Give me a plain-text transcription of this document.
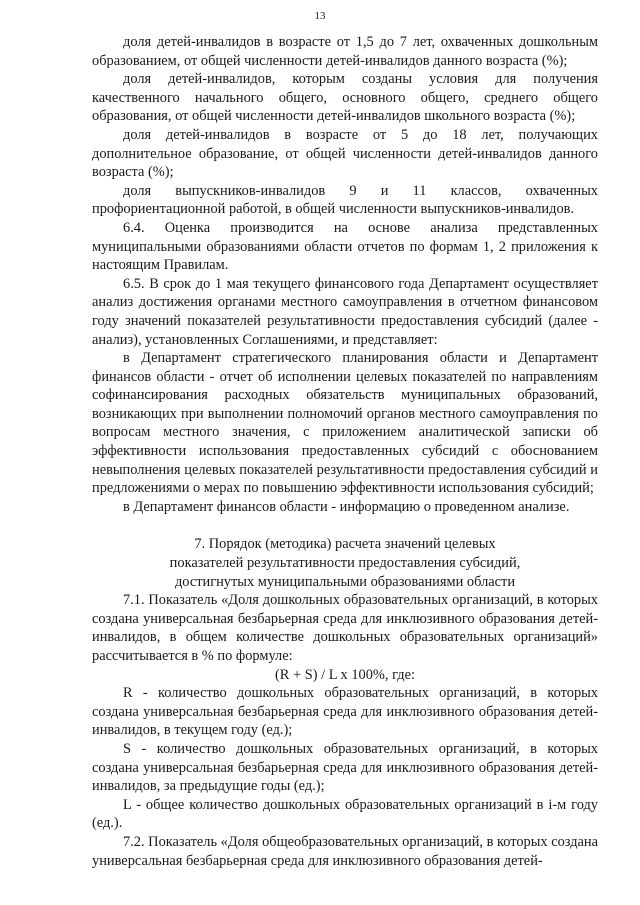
13

доля детей-инвалидов в возрасте от 1,5 до 7 лет, охваченных дошкольным образованием, от общей численности детей-инвалидов данного возраста (%);

доля детей-инвалидов, которым созданы условия для получения качественного начального общего, основного общего, среднего общего образования, от общей численности детей-инвалидов школьного возраста (%);

доля детей-инвалидов в возрасте от 5 до 18 лет, получающих дополнительное образование, от общей численности детей-инвалидов данного возраста (%);

доля выпускников-инвалидов 9 и 11 классов, охваченных профориентационной работой, в общей численности выпускников-инвалидов.

6.4. Оценка производится на основе анализа представленных муниципальными образованиями области отчетов по формам 1, 2 приложения к настоящим Правилам.

6.5. В срок до 1 мая текущего финансового года Департамент осуществляет анализ достижения органами местного самоуправления в отчетном финансовом году значений показателей результативности предоставления субсидий (далее - анализ), установленных Соглашениями, и представляет:

в Департамент стратегического планирования области и Департамент финансов области - отчет об исполнении целевых показателей по направлениям софинансирования расходных обязательств муниципальных образований, возникающих при выполнении полномочий органов местного самоуправления по вопросам местного значения, с приложением аналитической записки об эффективности использования предоставленных субсидий с обоснованием невыполнения целевых показателей результативности предоставления субсидий и предложениями о мерах по повышению эффективности использования субсидий;

в Департамент финансов области - информацию о проведенном анализе.

7. Порядок (методика) расчета значений целевых
показателей результативности предоставления субсидий,
достигнутых муниципальными образованиями области

7.1. Показатель «Доля дошкольных образовательных организаций, в которых создана универсальная безбарьерная среда для инклюзивного образования детей-инвалидов, в общем количестве дошкольных образовательных организаций» рассчитывается в % по формуле:

(R + S) / L x 100%, где:

R - количество дошкольных образовательных организаций, в которых создана универсальная безбарьерная среда для инклюзивного образования детей-инвалидов, в текущем году (ед.);

S - количество дошкольных образовательных организаций, в которых создана универсальная безбарьерная среда для инклюзивного образования детей-инвалидов, за предыдущие годы (ед.);

L - общее количество дошкольных образовательных организаций в i-м году (ед.).

7.2. Показатель «Доля общеобразовательных организаций, в которых создана универсальная безбарьерная среда для инклюзивного образования детей-
